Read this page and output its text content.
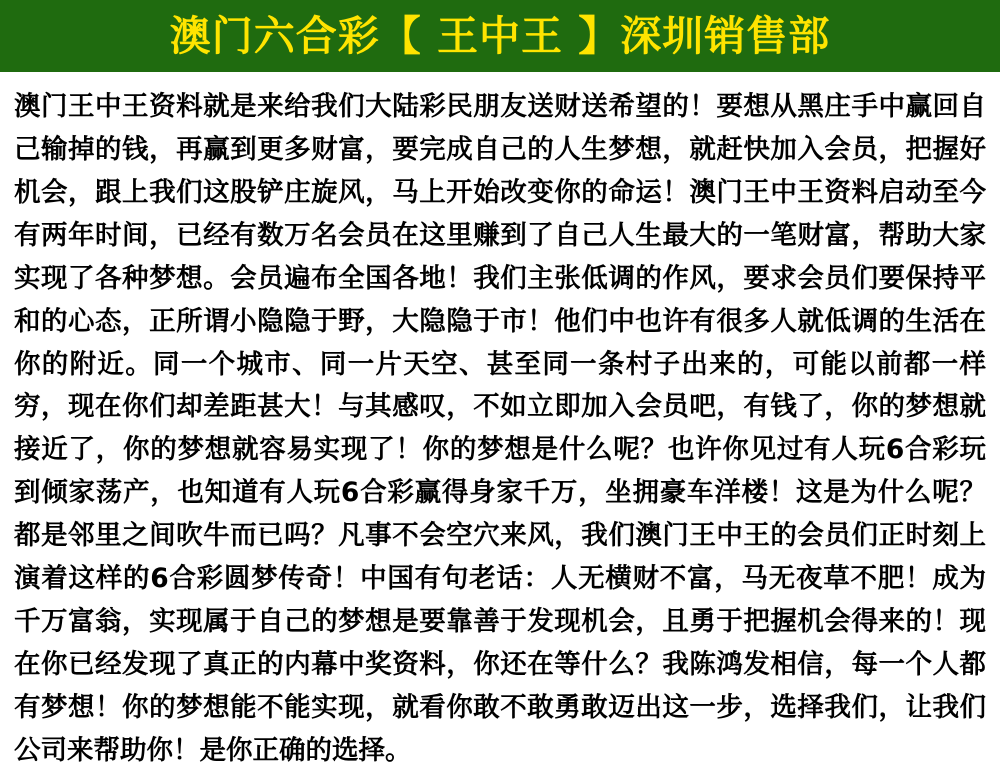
澳门六合彩【 王中王 】深圳销售部
澳门王中王资料就是来给我们大陆彩民朋友送财送希望的！要想从黑庄手中赢回自己输掉的钱，再赢到更多财富，要完成自己的人生梦想，就赶快加入会员，把握好机会，跟上我们这股铲庄旋风，马上开始改变你的命运！澳门王中王资料启动至今有两年时间，已经有数万名会员在这里赚到了自己人生最大的一笔财富，帮助大家实现了各种梦想。会员遍布全国各地！我们主张低调的作风，要求会员们要保持平和的心态，正所谓小隐隐于野，大隐隐于市！他们中也许有很多人就低调的生活在你的附近。同一个城市、同一片天空、甚至同一条村子出来的，可能以前都一样穷，现在你们却差距甚大！与其感叹，不如立即加入会员吧，有钱了，你的梦想就接近了，你的梦想就容易实现了！你的梦想是什么呢？也许你见过有人玩6合彩玩到倾家荡产，也知道有人玩6合彩赢得身家千万，坐拥豪车洋楼！这是为什么呢？都是邻里之间吹牛而已吗？凡事不会空穴来风，我们澳门王中王的会员们正时刻上演着这样的6合彩圆梦传奇！中国有句老话：人无横财不富，马无夜草不肥！成为千万富翁，实现属于自己的梦想是要靠善于发现机会，且勇于把握机会得来的！现在你已经发现了真正的内幕中奖资料，你还在等什么？我陈鸿发相信，每一个人都有梦想！你的梦想能不能实现，就看你敢不敢勇敢迈出这一步，选择我们，让我们公司来帮助你！是你正确的选择。
